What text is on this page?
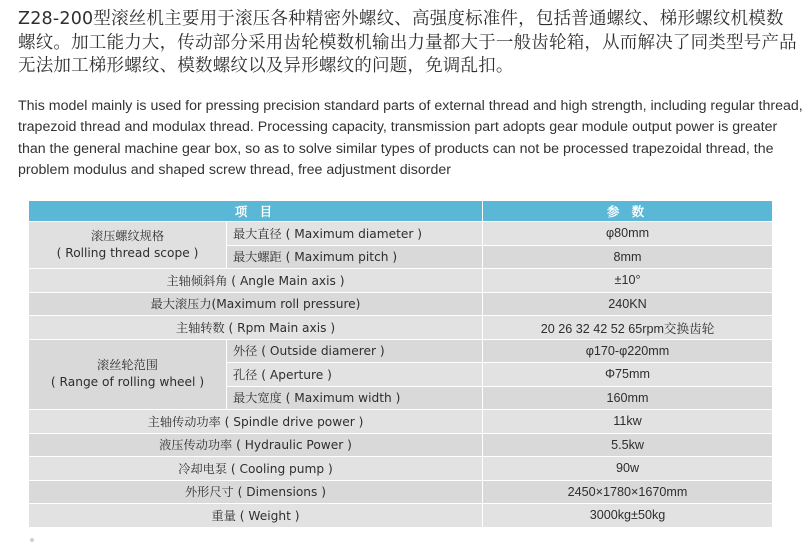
Z28-200型滚丝机主要用于滚压各种精密外螺纹、高强度标准件，包括普通螺纹、梯形螺纹机模数螺纹。加工能力大，传动部分采用齿轮模数机输出力量都大于一般齿轮箱，从而解决了同类型号产品无法加工梯形螺纹、模数螺纹以及异形螺纹的问题，免调乱扣。
This model mainly is used for pressing precision standard parts of external thread and high strength, including regular thread, trapezoid thread and modulax thread. Processing capacity, transmission part adopts gear module output power is greater than the general machine gear box, so as to solve similar types of products can not be processed trapezoidal thread, the problem modulus and shaped screw thread, free adjustment disorder
项 目		参 数
滚压螺纹规格
( Rolling thread scope )	最大直径 ( Maximum diameter )	φ80mm
	最大螺距 ( Maximum pitch )	8mm
主轴倾斜角 ( Angle Main axis )		±10°
最大滚压力(Maximum roll pressure)		240KN
主轴转数 ( Rpm Main axis )		20 26 32 42 52 65rpm交换齿轮
滚丝轮范围
( Range of rolling wheel )	外径 ( Outside diamerer )	φ170-φ220mm
	孔径 ( Aperture )	Φ75mm
	最大宽度 ( Maximum width )	160mm
主轴传动功率 ( Spindle drive power )		11kw
液压传动功率 ( Hydraulic Power )		5.5kw
冷却电泵 ( Cooling pump )		90w
外形尺寸 ( Dimensions )		2450×1780×1670mm
重量 ( Weight )		3000kg±50kg
